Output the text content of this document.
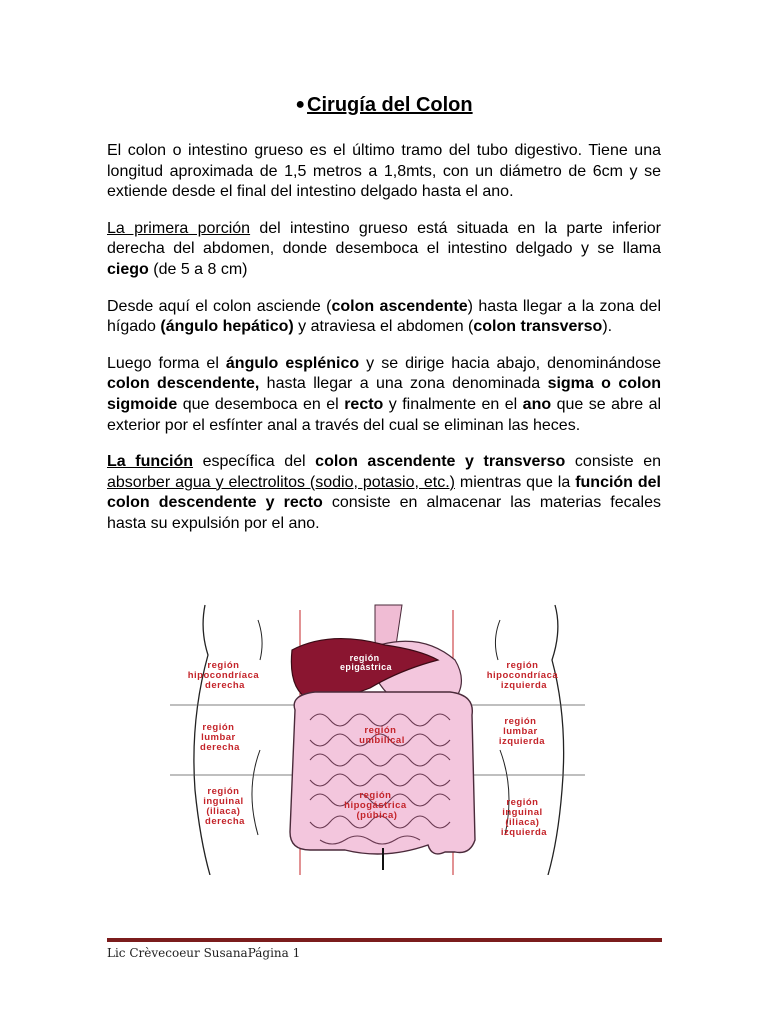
● Cirugía del Colon

El colon o intestino grueso es el último tramo del tubo digestivo. Tiene una longitud aproximada de 1,5 metros a 1,8mts, con un diámetro de 6cm y se extiende desde el final del intestino delgado hasta el ano.

La primera porción del intestino grueso está situada en la parte inferior derecha del abdomen, donde desemboca el intestino delgado y se llama ciego (de 5 a 8 cm)

Desde aquí el colon asciende (colon ascendente) hasta llegar a la zona del hígado (ángulo hepático) y atraviesa el abdomen (colon transverso).

Luego forma el ángulo esplénico y se dirige hacia abajo, denominándose colon descendente, hasta llegar a una zona denominada sigma o colon sigmoide que desemboca en el recto y finalmente en el ano que se abre al exterior por el esfínter anal a través del cual se eliminan las heces.

La función específica del colon ascendente y transverso consiste en absorber agua y electrolitos (sodio, potasio, etc.) mientras que la función del colon descendente y recto consiste en almacenar las materias fecales hasta su expulsión por el ano.

región hipocondríaca derecha
región epigástrica	región hipocondríaca izquierda
región lumbar derecha
región umbilical
región lumbar izquierda
región inguinal (iliaca) derecha
región hipogástrica (púbica)
región inguinal (iliaca) izquierda
Lic Crèvecoeur SusanaPágina 1
